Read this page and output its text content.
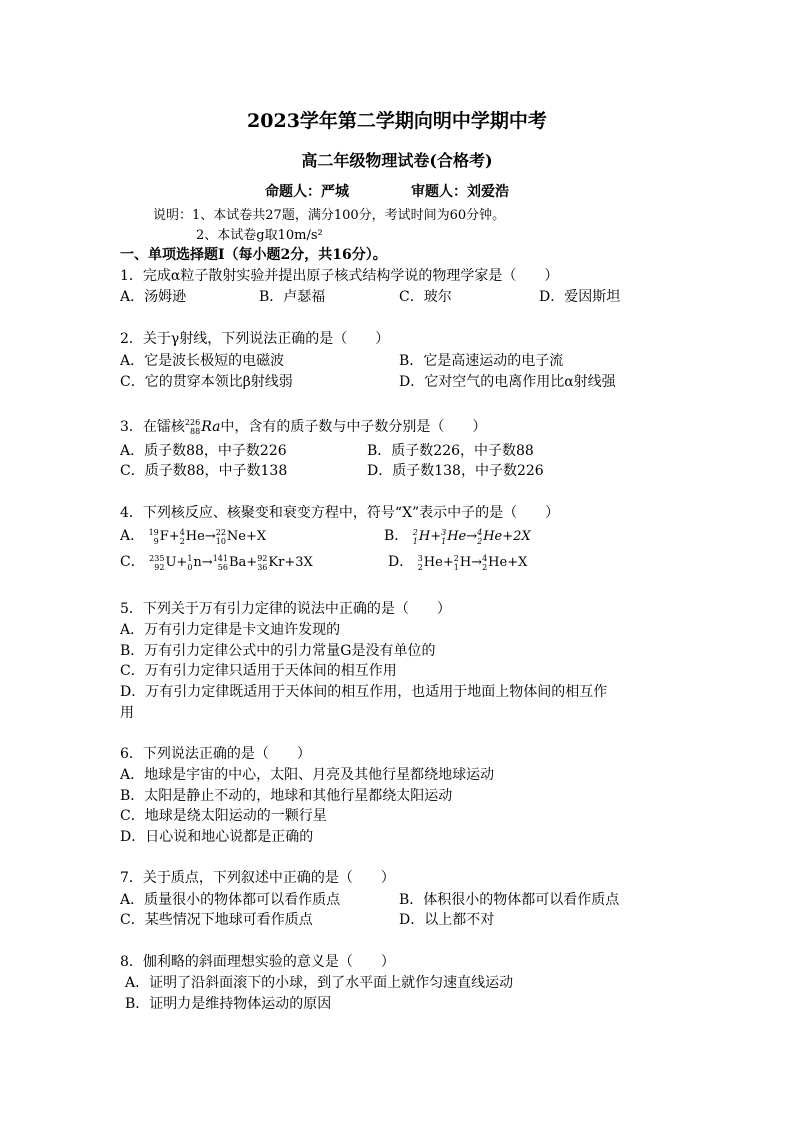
2023学年第二学期向明中学期中考
高二年级物理试卷(合格考)
命题人：严城	审题人：刘爱浩
说明：1、本试卷共27题，满分100分，考试时间为60分钟。
2、本试卷g取10m/s²
一、单项选择题Ⅰ（每小题2分，共16分）。
1．完成α粒子散射实验并提出原子核式结构学说的物理学家是（　　）
A．汤姆逊	B．卢瑟福	C．玻尔	D．爱因斯坦
2．关于γ射线，下列说法正确的是（　　）
A．它是波长极短的电磁波	B．它是高速运动的电子流
C．它的贯穿本领比β射线弱	D．它对空气的电离作用比α射线强
3．在镭核 226
88 Ra中，含有的质子数与中子数分别是（　　）
A．质子数88，中子数226	B．质子数226，中子数88
C．质子数88，中子数138	D．质子数138，中子数226
4．下列核反应、核聚变和衰变方程中，符号“X”表示中子的是（　　）
A． 19
9 F+ 4
2 He→ 22
10 Ne+X	B． 2
1 H+ 3
1 He→ 4
2 He+2X
C． 235
92 U+ 1
0 n→ 141
56 Ba+ 92
36 Kr+3X	D． 3
2 He+ 2
1 H→ 4
2 He+X
5．下列关于万有引力定律的说法中正确的是（　　）
A．万有引力定律是卡文迪许发现的
B．万有引力定律公式中的引力常量G是没有单位的
C．万有引力定律只适用于天体间的相互作用
D．万有引力定律既适用于天体间的相互作用，也适用于地面上物体间的相互作
用
6．下列说法正确的是（　　）
A．地球是宇宙的中心，太阳、月亮及其他行星都绕地球运动
B．太阳是静止不动的，地球和其他行星都绕太阳运动
C．地球是绕太阳运动的一颗行星
D．日心说和地心说都是正确的
7．关于质点，下列叙述中正确的是（　　）
A．质量很小的物体都可以看作质点	B．体积很小的物体都可以看作质点
C．某些情况下地球可看作质点	D．以上都不对
8．伽利略的斜面理想实验的意义是（　　）
A．证明了沿斜面滚下的小球，到了水平面上就作匀速直线运动
B．证明力是维持物体运动的原因
